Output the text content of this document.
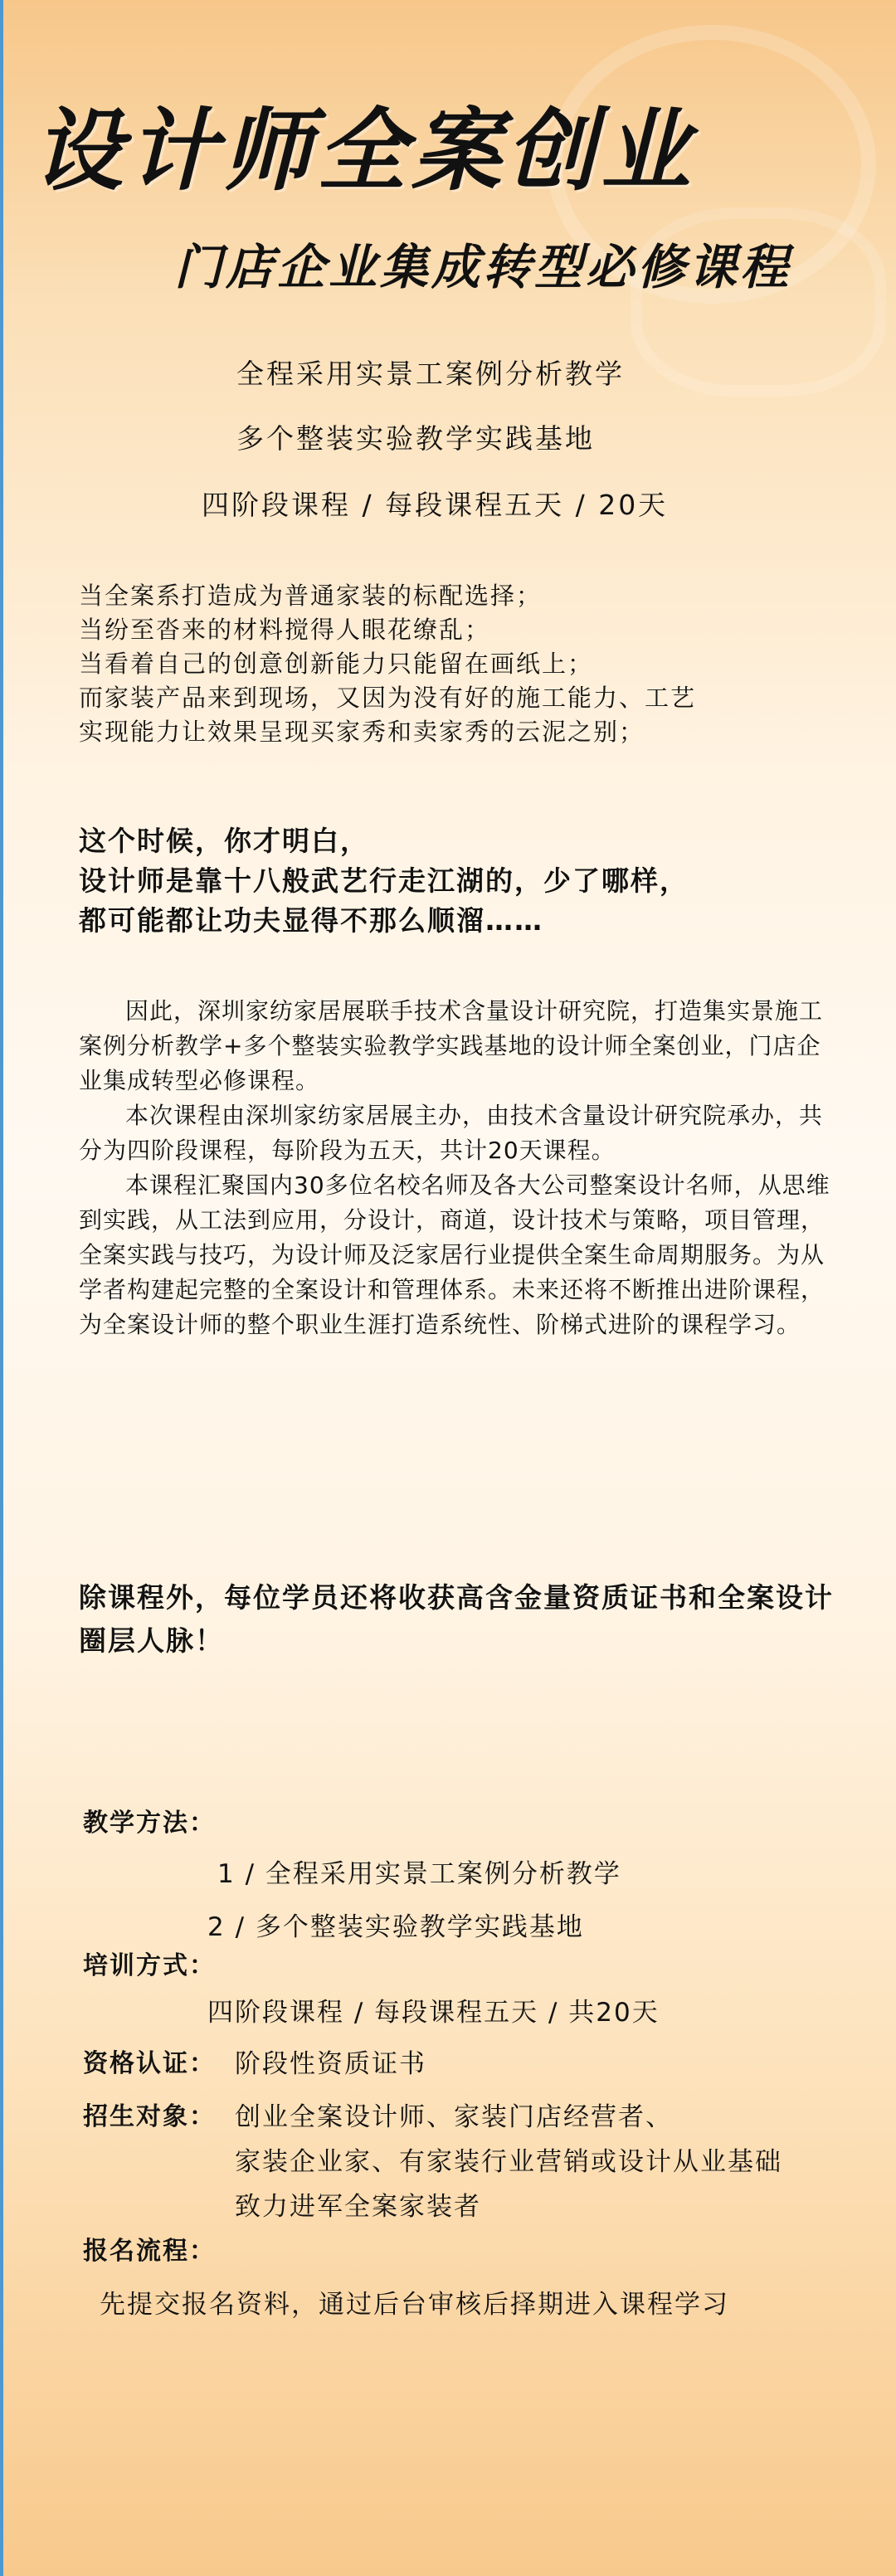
设计师全案创业
门店企业集成转型必修课程
全程采用实景工案例分析教学
多个整装实验教学实践基地
四阶段课程 / 每段课程五天 / 20天

当全案系打造成为普通家装的标配选择；

当纷至沓来的材料搅得人眼花缭乱；

当看着自己的创意创新能力只能留在画纸上；

而家装产品来到现场，又因为没有好的施工能力、工艺

实现能力让效果呈现买家秀和卖家秀的云泥之别；

这个时候，你才明白，

设计师是靠十八般武艺行走江湖的，少了哪样，

都可能都让功夫显得不那么顺溜……

因此，深圳家纺家居展联手技术含量设计研究院，打造集实景施工案例分析教学+多个整装实验教学实践基地的设计师全案创业，门店企业集成转型必修课程。

本次课程由深圳家纺家居展主办，由技术含量设计研究院承办，共分为四阶段课程，每阶段为五天，共计20天课程。

本课程汇聚国内30多位名校名师及各大公司整案设计名师，从思维到实践，从工法到应用，分设计，商道，设计技术与策略，项目管理，全案实践与技巧，为设计师及泛家居行业提供全案生命周期服务。为从学者构建起完整的全案设计和管理体系。未来还将不断推出进阶课程，为全案设计师的整个职业生涯打造系统性、阶梯式进阶的课程学习。

除课程外，每位学员还将收获高含金量资质证书和全案设计圈层人脉！
教学方法：
1 / 全程采用实景工案例分析教学
2 / 多个整装实验教学实践基地
培训方式：
四阶段课程 / 每段课程五天 / 共20天
资格认证： 阶段性资质证书
招生对象： 创业全案设计师、家装门店经营者、
家装企业家、有家装行业营销或设计从业基础
致力进军全案家装者
报名流程：
先提交报名资料，通过后台审核后择期进入课程学习
